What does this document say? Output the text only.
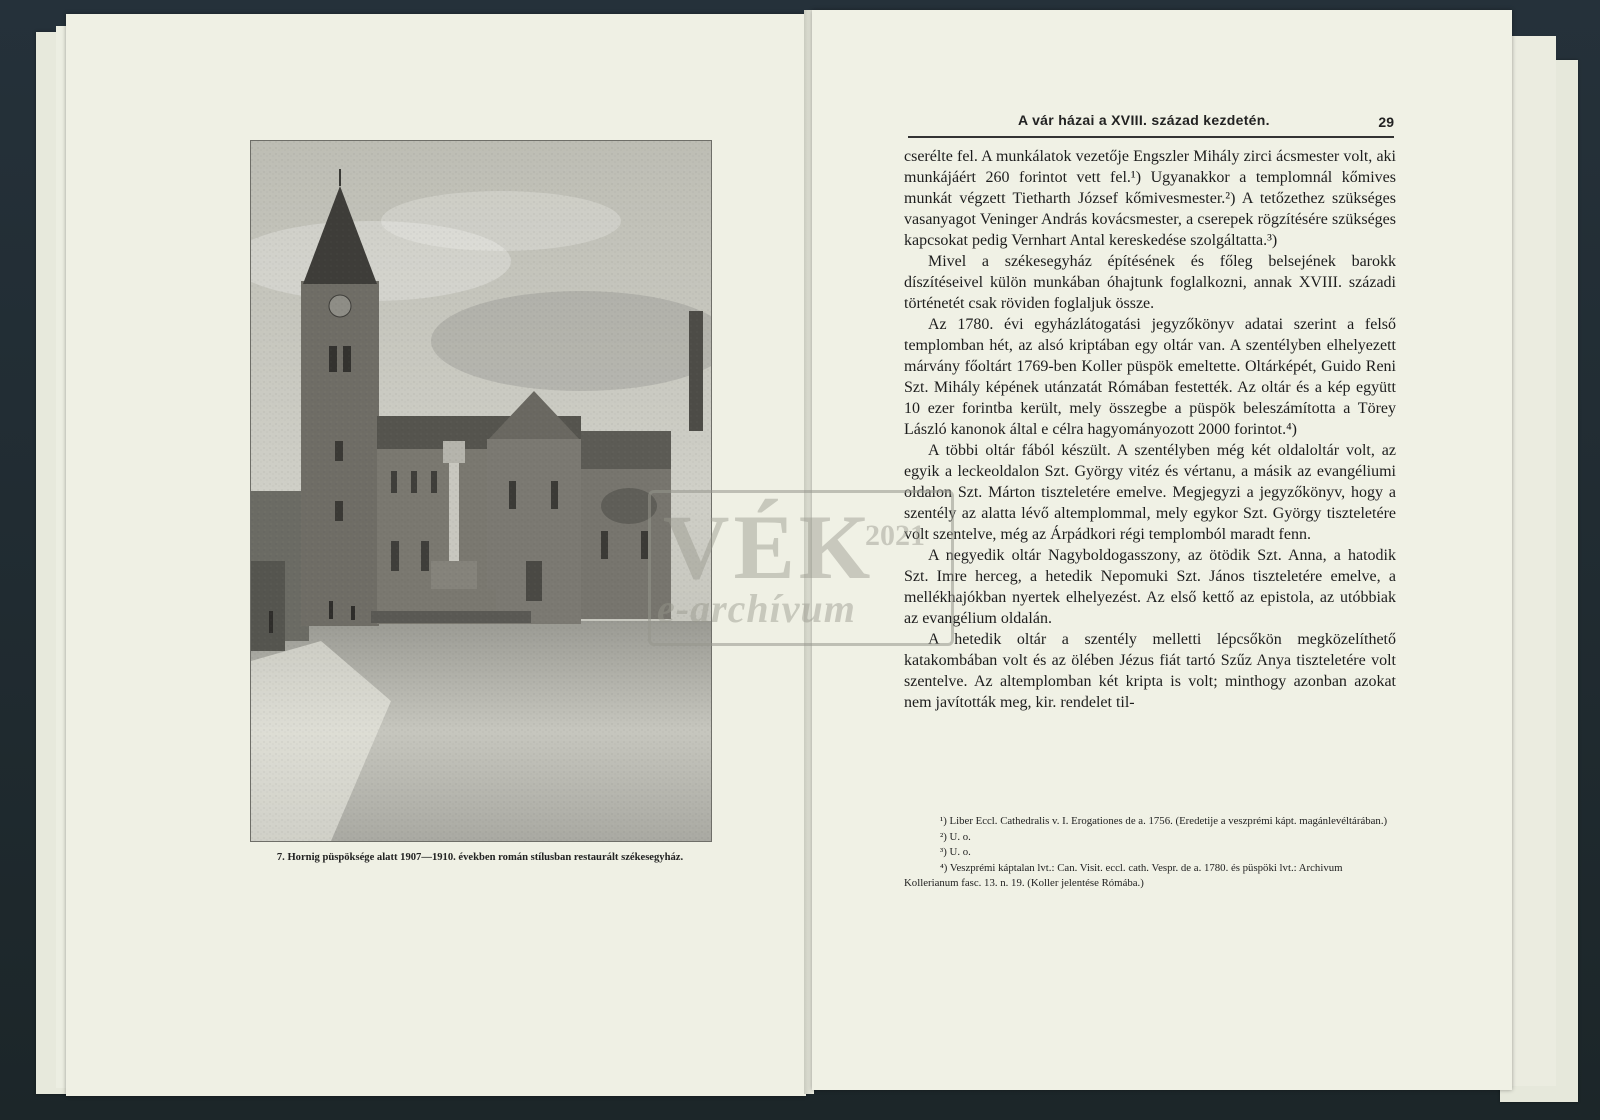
7. Hornig püspöksége alatt 1907—1910. években román stílusban restaurált székesegyház.
A vár házai a XVIII. század kezdetén.	29

cserélte fel. A munkálatok vezetője Engszler Mihály zirci ácsmester volt, aki munkájáért 260 forintot vett fel.¹) Ugyanakkor a templomnál kőmives munkát végzett Tietharth József kőmivesmester.²) A tetőzethez szükséges vasanyagot Veninger András kovácsmester, a cserepek rögzítésére szükséges kapcsokat pedig Vernhart Antal kereskedése szolgáltatta.³)

Mivel a székesegyház építésének és főleg belsejének barokk díszítéseivel külön munkában óhajtunk foglalkozni, annak XVIII. századi történetét csak röviden foglaljuk össze.

Az 1780. évi egyházlátogatási jegyzőkönyv adatai szerint a felső templomban hét, az alsó kriptában egy oltár van. A szentélyben elhelyezett márvány főoltárt 1769-ben Koller püspök emeltette. Oltárképét, Guido Reni Szt. Mihály képének utánzatát Rómában festették. Az oltár és a kép együtt 10 ezer forintba került, mely összegbe a püspök beleszámította a Törey László kanonok által e célra hagyományozott 2000 forintot.⁴)

A többi oltár fából készült. A szentélyben még két oldaloltár volt, az egyik a leckeoldalon Szt. György vitéz és vértanu, a másik az evangéliumi oldalon Szt. Márton tiszteletére emelve. Megjegyzi a jegyzőkönyv, hogy a szentély az alatta lévő altemplommal, mely egykor Szt. György tiszteletére volt szentelve, még az Árpádkori régi templomból maradt fenn.

A negyedik oltár Nagyboldogasszony, az ötödik Szt. Anna, a hatodik Szt. Imre herceg, a hetedik Nepomuki Szt. János tiszteletére emelve, a mellékhajókban nyertek elhelyezést. Az első kettő az epistola, az utóbbiak az evangélium oldalán.

A hetedik oltár a szentély melletti lépcsőkön megközelíthető katakombában volt és az ölében Jézus fiát tartó Szűz Anya tiszteletére volt szentelve. Az altemplomban két kripta is volt; minthogy azonban azokat nem javították meg, kir. rendelet til-

¹) Liber Eccl. Cathedralis v. I. Erogationes de a. 1756. (Eredetije a veszprémi kápt. magánlevéltárában.)

²) U. o.

³) U. o.

⁴) Veszprémi káptalan lvt.: Can. Visit. eccl. cath. Vespr. de a. 1780. és püspöki lvt.: Archivum Kollerianum fasc. 13. n. 19. (Koller jelentése Rómába.)

VÉK
2021
e-archívum
